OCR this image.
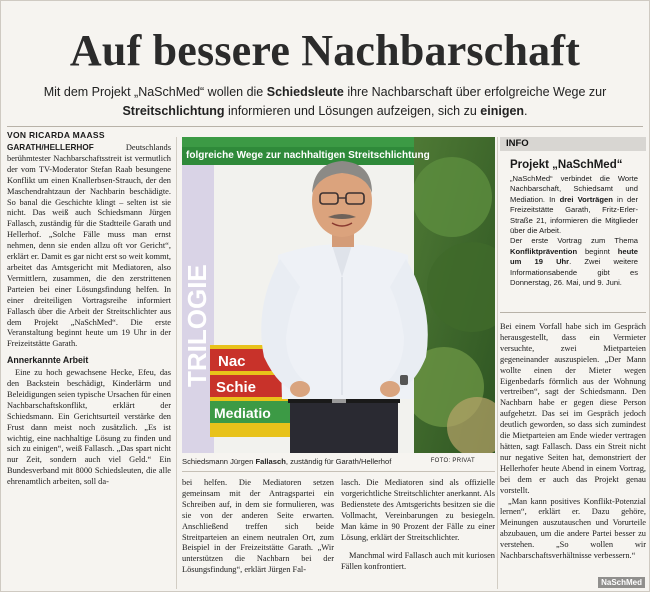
Auf bessere Nachbarschaft
Mit dem Projekt „NaSchMed“ wollen die Schiedsleute ihre Nachbarschaft über erfolgreiche Wege zur
Streitschlichtung informieren und Lösungen aufzeigen, sich zu einigen.
VON RICARDA MAASS

GARATH/HELLERHOF Deutschlands berühmtester Nachbarschaftsstreit ist vermutlich der vom TV-Moderator Stefan Raab besungene Konflikt um einen Knallerbsen-Strauch, der den Maschendrahtzaun der Nachbarin beschädigte. So banal die Geschichte klingt – selten ist sie nicht. Das weiß auch Schiedsmann Jürgen Fallasch, zuständig für die Stadtteile Garath und Hellerhof. „Solche Fälle muss man ernst nehmen, denn sie enden allzu oft vor Gericht“, erklärt er. Damit es gar nicht erst so weit kommt, arbeitet das Amtsgericht mit Mediatoren, also Vermittlern, zusammen, die den zerstrittenen Parteien bei einer Lösungsfindung helfen. In einer dreiteiligen Vortragsreihe informiert Fallasch über die Arbeit der Streitschlichter aus dem Projekt „NaSchMed“. Die erste Veranstaltung beginnt heute um 19 Uhr in der Freizeitstätte Garath.

Annerkannte Arbeit

Eine zu hoch gewachsene Hecke, Efeu, das den Backstein beschädigt, Kinderlärm und Beleidigungen seien typische Ursachen für einen Nachbarschaftskonflikt, erklärt der Schiedsmann. Ein Gerichtsurteil verstärke den Frust dann meist noch zusätzlich. „Es ist wichtig, eine nachhaltige Lösung zu finden und sich zu einigen“, weiß Fallasch. „Das spart nicht nur Zeit, sondern auch viel Geld.“ Ein Bundesverband mit 8000 Schiedsleuten, die alle ehrenamtlich arbeiten, soll da-

folgreiche Wege zur nachhaltigen Streitschlichtung
TRILOGIE Nac
Schie
Mediatio
Schiedsmann Jürgen Fallasch, zuständig für Garath/Hellerhof	FOTO: PRIVAT
INFO
Projekt „NaSchMed“

„NaSchMed“ verbindet die Worte Nachbarschaft, Schiedsamt und Mediation. In drei Vorträgen in der Freizeitstätte Garath, Fritz-Erler-Straße 21, informieren die Mitglieder über die Arbeit.

Der erste Vortrag zum Thema Konfliktprävention beginnt heute um 19 Uhr. Zwei weitere Informationsabende gibt es Donnerstag, 26. Mai, und 9. Juni.

bei helfen. Die Mediatoren setzen gemeinsam mit der Antragspartei ein Schreiben auf, in dem sie formulieren, was sie von der anderen Seite erwarten. Anschließend treffen sich beide Streitparteien an einem neutralen Ort, zum Beispiel in der Freizeitstätte Garath. „Wir unterstützen die Nachbarn bei der Lösungsfindung“, erklärt Jürgen Fal-

lasch. Die Mediatoren sind als offizielle vorgerichtliche Streitschlichter anerkannt. Als Bedienstete des Amtsgerichts besitzen sie die Vollmacht, Vereinbarungen zu besiegeln. Man käme in 90 Prozent der Fälle zu einer Lösung, erklärt der Streitschlichter.

Manchmal wird Fallasch auch mit kuriosen Fällen konfrontiert.

Bei einem Vorfall habe sich im Gespräch herausgestellt, dass ein Vermieter versuchte, zwei Mietparteien gegeneinander auszuspielen. „Der Mann wollte einen der Mieter wegen Eigenbedarfs förmlich aus der Wohnung vertreiben“, sagt der Schiedsmann. Den Nachbarn habe er gegen diese Person aufgehetzt. Das sei im Gespräch jedoch deutlich geworden, so dass sich zumindest die Mietparteien am Ende wieder vertragen hätten, sagt Fallasch. Dass ein Streit nicht nur negative Seiten hat, demonstriert der Hellerhofer heute Abend in einem Vortrag, bei dem er auch das Projekt genau vorstellt.

„Man kann positives Konflikt-Potenzial lernen“, erklärt er. Dazu gehöre, Meinungen auszutauschen und Vorurteile abzubauen, um die andere Partei besser zu verstehen. „So wollen wir Nachbarschaftsverhältnisse verbessern.“

NaSchMed
